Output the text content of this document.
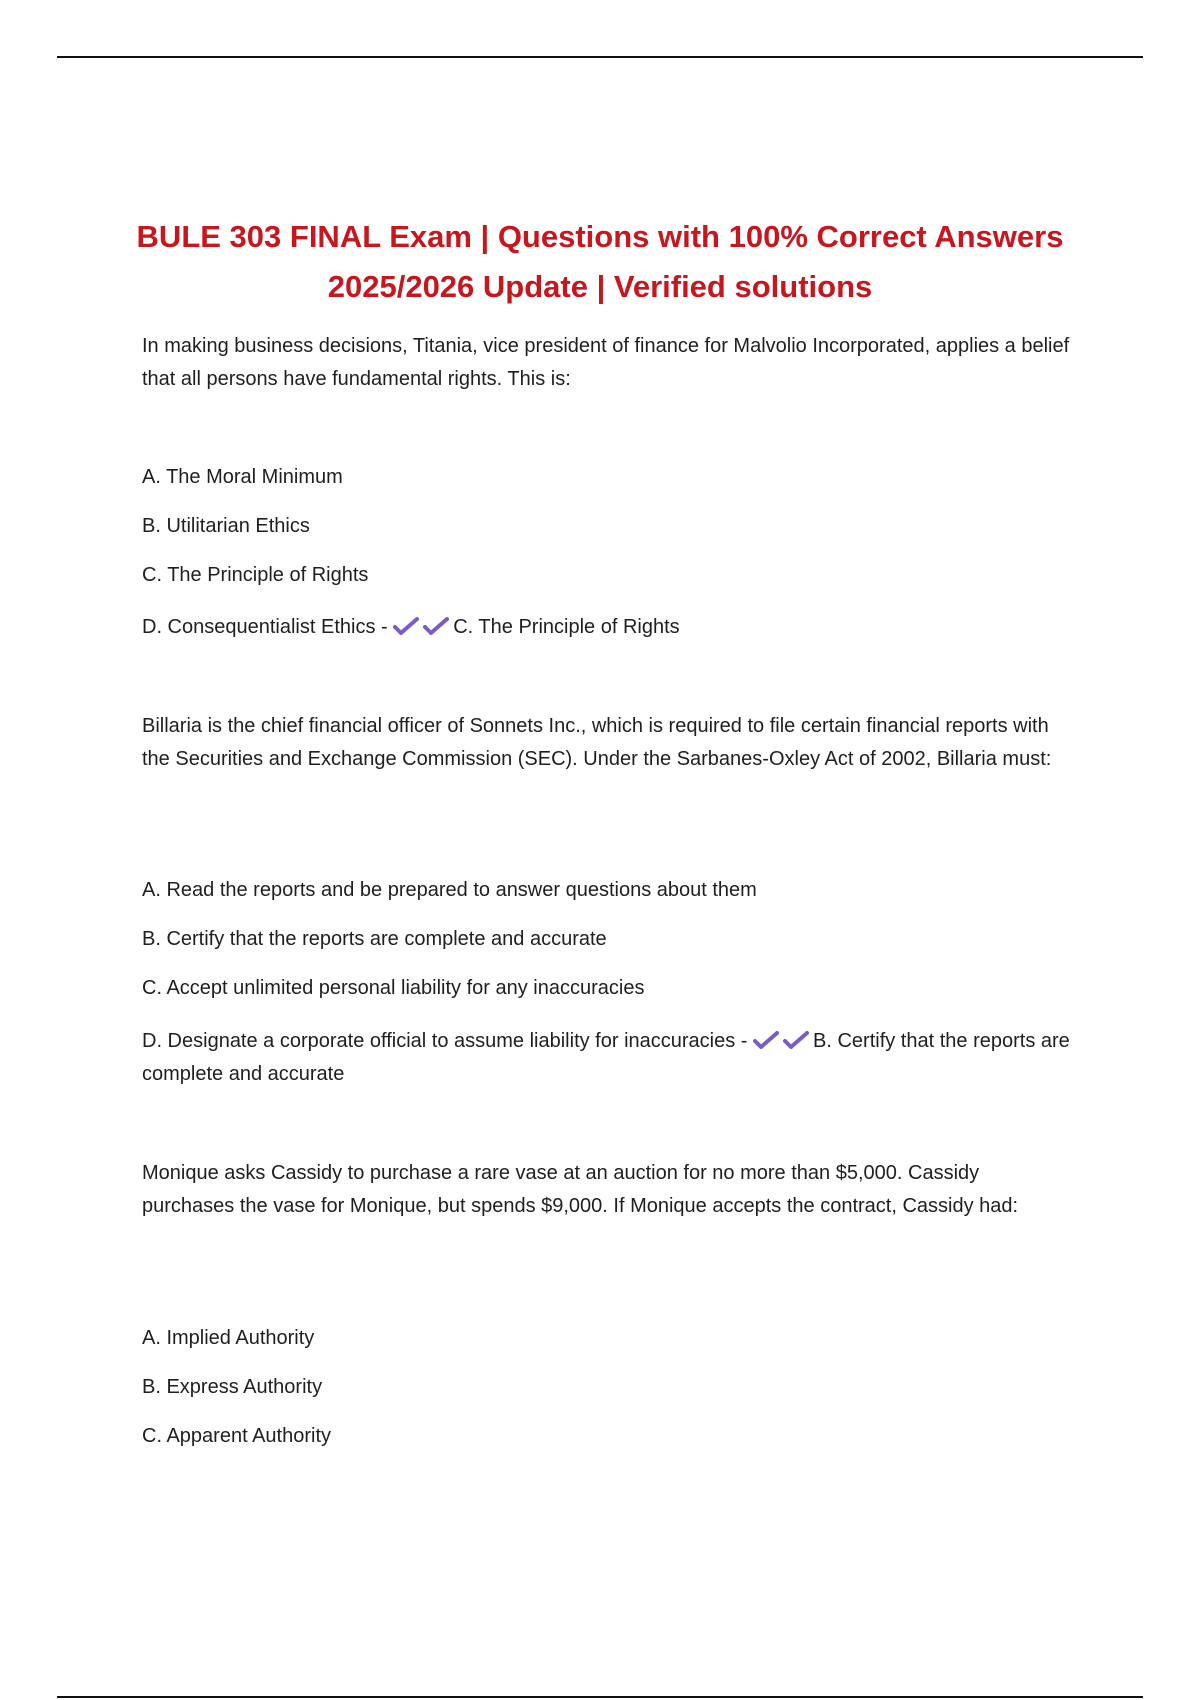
BULE 303 FINAL Exam | Questions with 100% Correct Answers
2025/2026 Update | Verified solutions

In making business decisions, Titania, vice president of finance for Malvolio Incorporated, applies a belief that all persons have fundamental rights. This is:

A. The Moral Minimum

B. Utilitarian Ethics

C. The Principle of Rights

D. Consequentialist Ethics -	C. The Principle of Rights

Billaria is the chief financial officer of Sonnets Inc., which is required to file certain financial reports with the Securities and Exchange Commission (SEC). Under the Sarbanes-Oxley Act of 2002, Billaria must:

A. Read the reports and be prepared to answer questions about them

B. Certify that the reports are complete and accurate

C. Accept unlimited personal liability for any inaccuracies

D. Designate a corporate official to assume liability for inaccuracies -	B. Certify that the reports are complete and accurate

Monique asks Cassidy to purchase a rare vase at an auction for no more than $5,000. Cassidy purchases the vase for Monique, but spends $9,000. If Monique accepts the contract, Cassidy had:

A. Implied Authority

B. Express Authority

C. Apparent Authority
